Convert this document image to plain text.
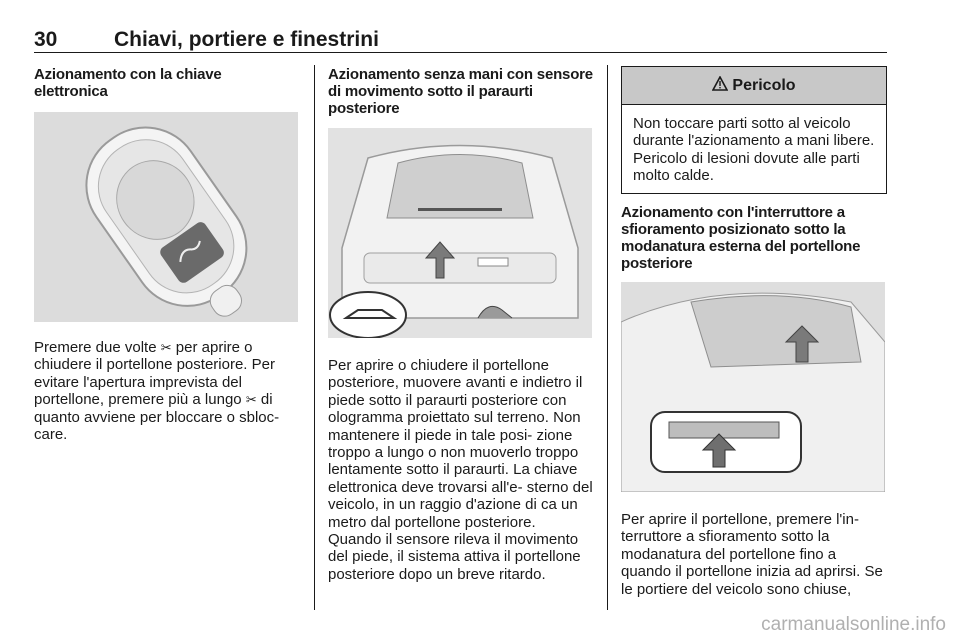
30	Chiavi, portiere e finestrini
Azionamento con la chiave elettronica

Premere due volte ✂ per aprire o chiudere il portellone posteriore. Per evitare l'apertura imprevista del portellone, premere più a lungo ✂ di quanto avviene per bloccare o sbloc- care.

Azionamento senza mani con sensore di movimento sotto il paraurti posteriore

Per aprire o chiudere il portellone posteriore, muovere avanti e indietro il piede sotto il paraurti posteriore con ologramma proiettato sul terreno. Non mantenere il piede in tale posi- zione troppo a lungo o non muoverlo troppo lentamente sotto il paraurti. La chiave elettronica deve trovarsi all'e- sterno del veicolo, in un raggio d'azione di ca un metro dal portellone posteriore. Quando il sensore rileva il movimento del piede, il sistema attiva il portellone posteriore dopo un breve ritardo.

Pericolo
Non toccare parti sotto al veicolo durante l'azionamento a mani libere. Pericolo di lesioni dovute alle parti molto calde.
Azionamento con l'interruttore a sfioramento posizionato sotto la modanatura esterna del portellone posteriore

Per aprire il portellone, premere l'in- terruttore a sfioramento sotto la modanatura del portellone fino a quando il portellone inizia ad aprirsi. Se le portiere del veicolo sono chiuse,

carmanualsonline.info
